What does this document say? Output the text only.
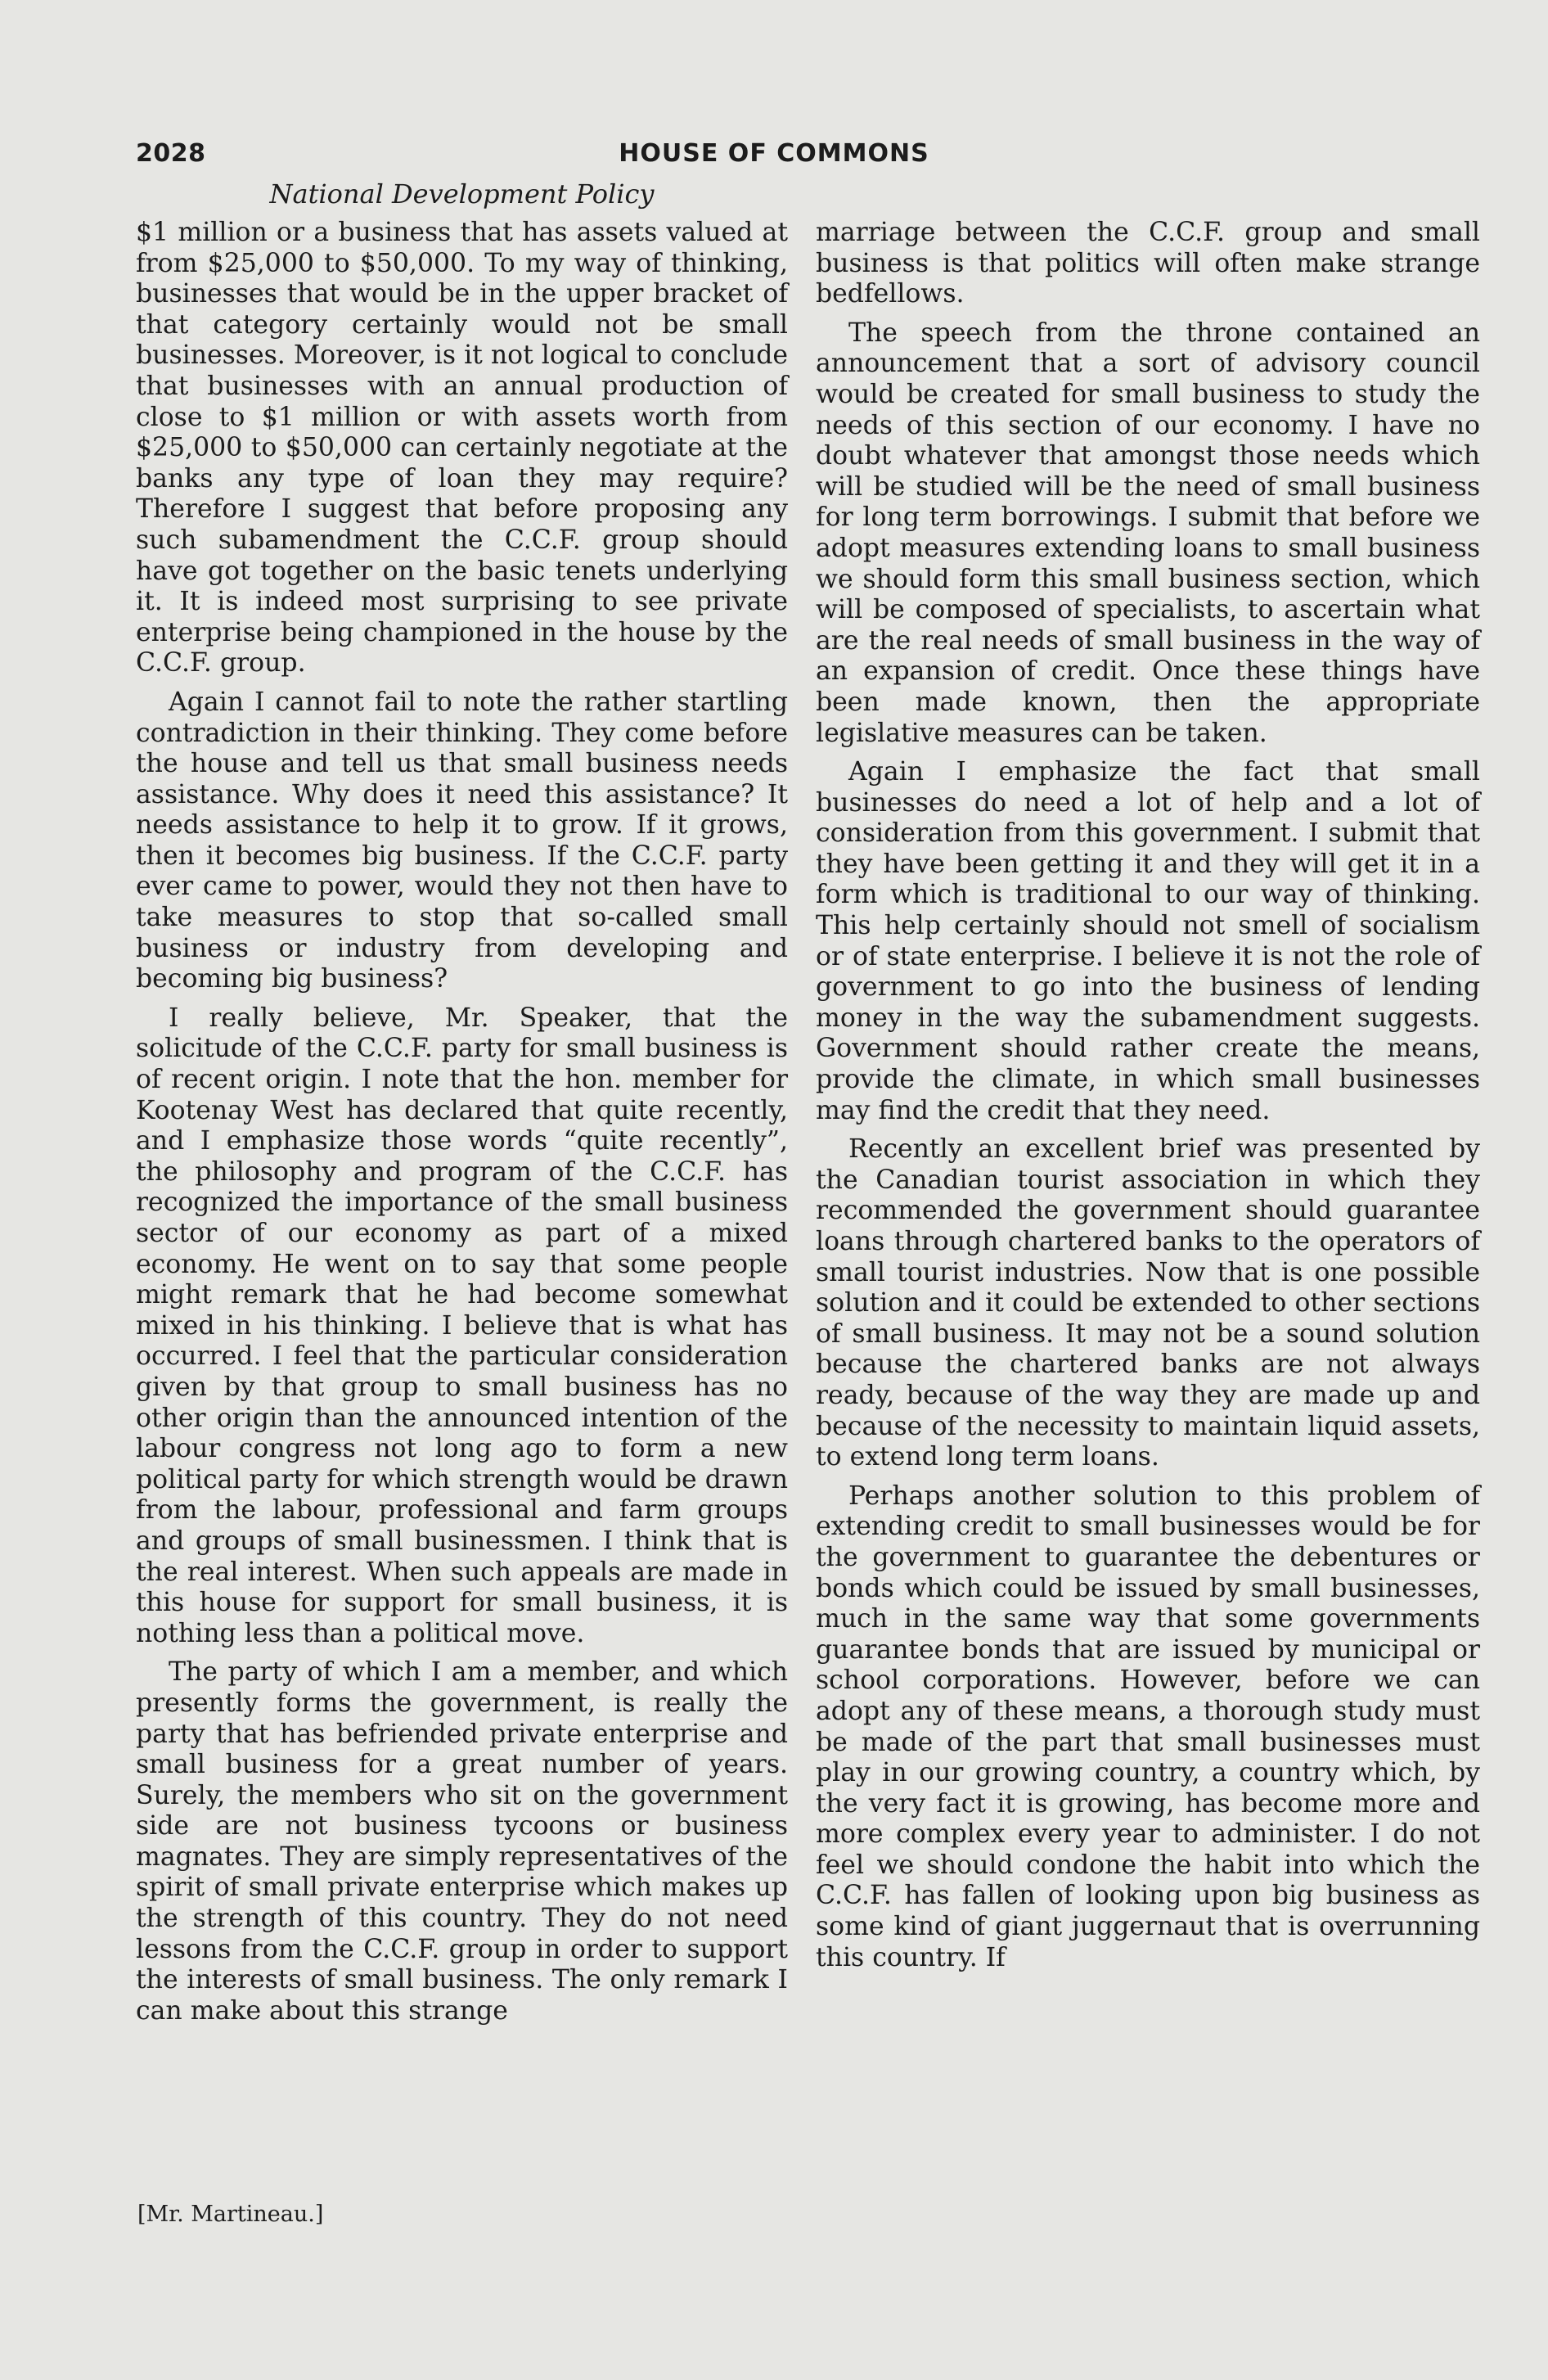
2028	HOUSE OF COMMONS
National Development Policy

$1 million or a business that has assets valued at from $25,000 to $50,000. To my way of thinking, businesses that would be in the upper bracket of that category certainly would not be small businesses. Moreover, is it not logical to conclude that businesses with an annual production of close to $1 million or with assets worth from $25,000 to $50,000 can certainly negotiate at the banks any type of loan they may require? Therefore I suggest that before proposing any such subamendment the C.C.F. group should have got together on the basic tenets underlying it. It is indeed most surprising to see private enterprise being championed in the house by the C.C.F. group.

Again I cannot fail to note the rather startling contradiction in their thinking. They come before the house and tell us that small business needs assistance. Why does it need this assistance? It needs assistance to help it to grow. If it grows, then it becomes big business. If the C.C.F. party ever came to power, would they not then have to take measures to stop that so-called small business or industry from developing and becoming big business?

I really believe, Mr. Speaker, that the solicitude of the C.C.F. party for small business is of recent origin. I note that the hon. member for Kootenay West has declared that quite recently, and I emphasize those words “quite recently”, the philosophy and program of the C.C.F. has recognized the importance of the small business sector of our economy as part of a mixed economy. He went on to say that some people might remark that he had become somewhat mixed in his thinking. I believe that is what has occurred. I feel that the particular consideration given by that group to small business has no other origin than the announced intention of the labour congress not long ago to form a new political party for which strength would be drawn from the labour, professional and farm groups and groups of small businessmen. I think that is the real interest. When such appeals are made in this house for support for small business, it is nothing less than a political move.

The party of which I am a member, and which presently forms the government, is really the party that has befriended private enterprise and small business for a great number of years. Surely, the members who sit on the government side are not business tycoons or business magnates. They are simply representatives of the spirit of small private enterprise which makes up the strength of this country. They do not need lessons from the C.C.F. group in order to support the interests of small business. The only remark I can make about this strange

marriage between the C.C.F. group and small business is that politics will often make strange bedfellows.

The speech from the throne contained an announcement that a sort of advisory council would be created for small business to study the needs of this section of our economy. I have no doubt whatever that amongst those needs which will be studied will be the need of small business for long term borrowings. I submit that before we adopt measures extending loans to small business we should form this small business section, which will be composed of specialists, to ascertain what are the real needs of small business in the way of an expansion of credit. Once these things have been made known, then the appropriate legislative measures can be taken.

Again I emphasize the fact that small businesses do need a lot of help and a lot of consideration from this government. I submit that they have been getting it and they will get it in a form which is traditional to our way of thinking. This help certainly should not smell of socialism or of state enterprise. I believe it is not the role of government to go into the business of lending money in the way the subamendment suggests. Government should rather create the means, provide the climate, in which small businesses may find the credit that they need.

Recently an excellent brief was presented by the Canadian tourist association in which they recommended the government should guarantee loans through chartered banks to the operators of small tourist industries. Now that is one possible solution and it could be extended to other sections of small business. It may not be a sound solution because the chartered banks are not always ready, because of the way they are made up and because of the necessity to maintain liquid assets, to extend long term loans.

Perhaps another solution to this problem of extending credit to small businesses would be for the government to guarantee the debentures or bonds which could be issued by small businesses, much in the same way that some governments guarantee bonds that are issued by municipal or school corporations. However, before we can adopt any of these means, a thorough study must be made of the part that small businesses must play in our growing country, a country which, by the very fact it is growing, has become more and more complex every year to administer. I do not feel we should condone the habit into which the C.C.F. has fallen of looking upon big business as some kind of giant juggernaut that is overrunning this country. If

[Mr. Martineau.]
